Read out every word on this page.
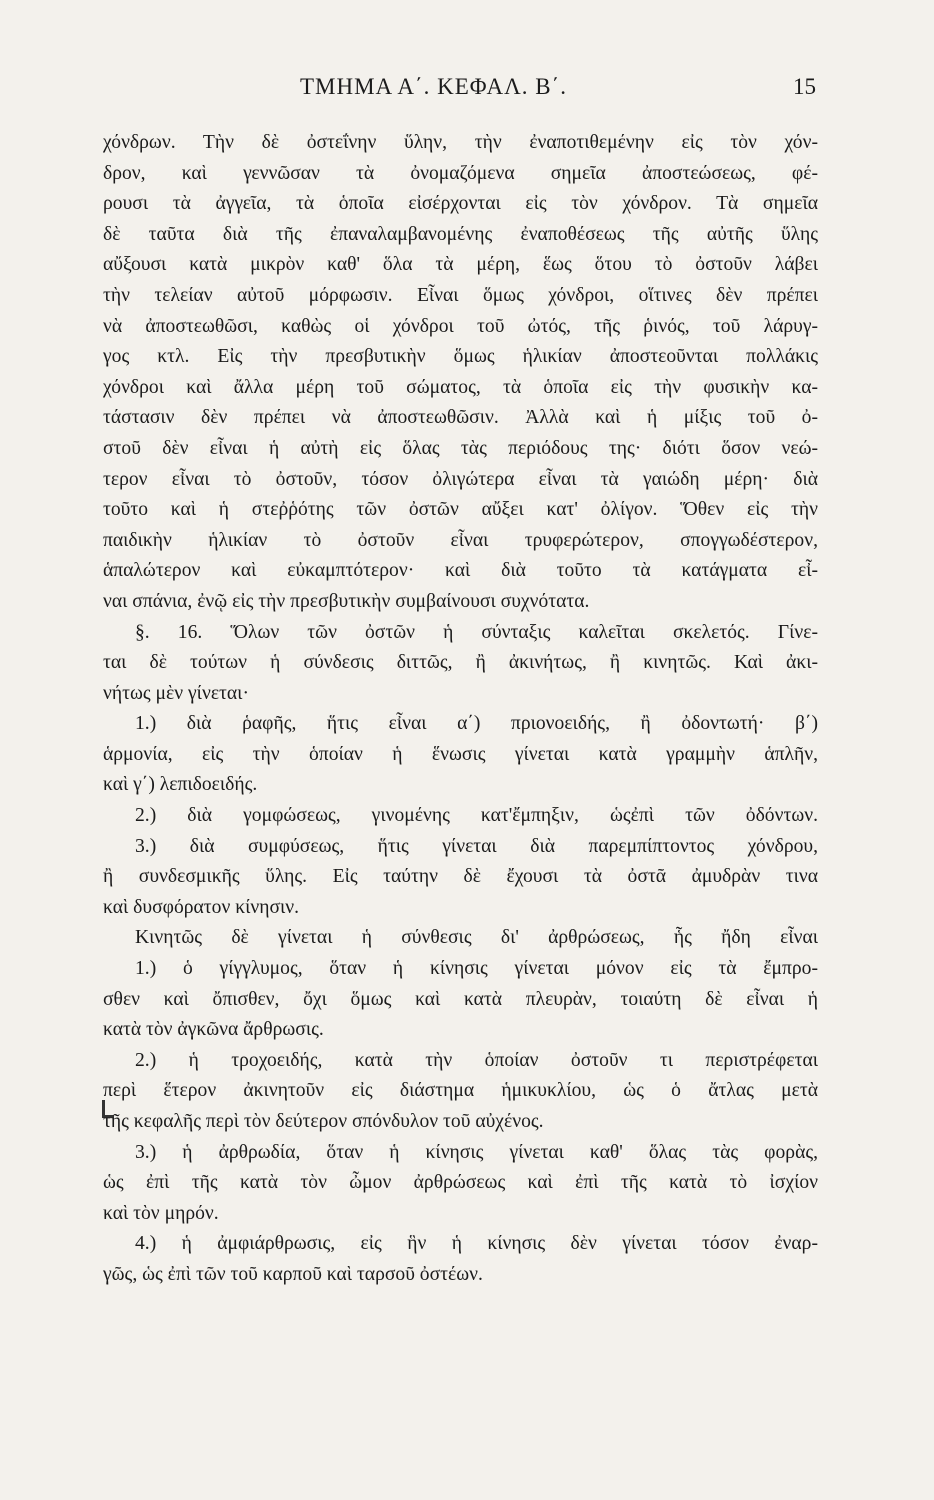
ΤΜΗΜΑ Α΄. ΚΕΦΑΛ. Β΄.	15
χόνδρων. Τὴν δὲ ὀστεΐνην ὕλην, τὴν ἐναποτιθεμένην εἰς τὸν χόν-
δρον, καὶ γεννῶσαν τὰ ὀνομαζόμενα σημεῖα ἀποστεώσεως, φέ-
ρουσι τὰ ἀγγεῖα, τὰ ὁποῖα εἰσέρχονται εἰς τὸν χόνδρον. Τὰ σημεῖα
δὲ ταῦτα διὰ τῆς ἐπαναλαμβανομένης ἐναποθέσεως τῆς αὐτῆς ὕλης
αὔξουσι κατὰ μικρὸν καθ' ὅλα τὰ μέρη, ἕως ὅτου τὸ ὀστοῦν λάβει
τὴν τελείαν αὐτοῦ μόρφωσιν. Εἶναι ὅμως χόνδροι, οἵτινες δὲν πρέπει
νὰ ἀποστεωθῶσι, καθὼς οἱ χόνδροι τοῦ ὠτός, τῆς ῥινός, τοῦ λάρυγ-
γος κτλ. Εἰς τὴν πρεσβυτικὴν ὅμως ἡλικίαν ἀποστεοῦνται πολλάκις
χόνδροι καὶ ἄλλα μέρη τοῦ σώματος, τὰ ὁποῖα εἰς τὴν φυσικὴν κα-
τάστασιν δὲν πρέπει νὰ ἀποστεωθῶσιν. Ἀλλὰ καὶ ἡ μίξις τοῦ ὀ-
στοῦ δὲν εἶναι ἡ αὐτὴ εἰς ὅλας τὰς περιόδους της· διότι ὅσον νεώ-
τερον εἶναι τὸ ὀστοῦν, τόσον ὀλιγώτερα εἶναι τὰ γαιώδη μέρη· διὰ
τοῦτο καὶ ἡ στεῤῥότης τῶν ὀστῶν αὔξει κατ' ὀλίγον. Ὅθεν εἰς τὴν
παιδικὴν ἡλικίαν τὸ ὀστοῦν εἶναι τρυφερώτερον, σπογγωδέστερον,
ἁπαλώτερον καὶ εὐκαμπτότερον· καὶ διὰ τοῦτο τὰ κατάγματα εἶ-
ναι σπάνια, ἐνῷ εἰς τὴν πρεσβυτικὴν συμβαίνουσι συχνότατα.
§. 16. Ὅλων τῶν ὀστῶν ἡ σύνταξις καλεῖται σκελετός. Γίνε-
ται δὲ τούτων ἡ σύνδεσις διττῶς, ἢ ἀκινήτως, ἢ κινητῶς. Καὶ ἀκι-
νήτως μὲν γίνεται·
1.) διὰ ῥαφῆς, ἥτις εἶναι α΄) πριονοειδής, ἢ ὀδοντωτή· β΄)
ἁρμονία, εἰς τὴν ὁποίαν ἡ ἕνωσις γίνεται κατὰ γραμμὴν ἁπλῆν,
καὶ γ΄) λεπιδοειδής.
2.) διὰ γομφώσεως, γινομένης κατ'ἔμπηξιν, ὡςἐπὶ τῶν ὀδόντων.
3.) διὰ συμφύσεως, ἥτις γίνεται διὰ παρεμπίπτοντος χόνδρου,
ἢ συνδεσμικῆς ὕλης. Εἰς ταύτην δὲ ἔχουσι τὰ ὀστᾶ ἀμυδρὰν τινα
καὶ δυσφόρατον κίνησιν.
Κινητῶς δὲ γίνεται ἡ σύνθεσις δι' ἀρθρώσεως, ἧς ἤδη εἶναι
1.) ὁ γίγγλυμος, ὅταν ἡ κίνησις γίνεται μόνον εἰς τὰ ἔμπρο-
σθεν καὶ ὄπισθεν, ὄχι ὅμως καὶ κατὰ πλευρὰν, τοιαύτη δὲ εἶναι ἡ
κατὰ τὸν ἀγκῶνα ἄρθρωσις.
2.) ἡ τροχοειδής, κατὰ τὴν ὁποίαν ὀστοῦν τι περιστρέφεται
περὶ ἕτερον ἀκινητοῦν εἰς διάστημα ἡμικυκλίου, ὡς ὁ ἄτλας μετὰ
τῆς κεφαλῆς περὶ τὸν δεύτερον σπόνδυλον τοῦ αὐχένος.
3.) ἡ ἀρθρωδία, ὅταν ἡ κίνησις γίνεται καθ' ὅλας τὰς φορὰς,
ὡς ἐπὶ τῆς κατὰ τὸν ὦμον ἀρθρώσεως καὶ ἐπὶ τῆς κατὰ τὸ ἰσχίον
καὶ τὸν μηρόν.
4.) ἡ ἀμφιάρθρωσις, εἰς ἣν ἡ κίνησις δὲν γίνεται τόσον ἐναρ-
γῶς, ὡς ἐπὶ τῶν τοῦ καρποῦ καὶ ταρσοῦ ὀστέων.
